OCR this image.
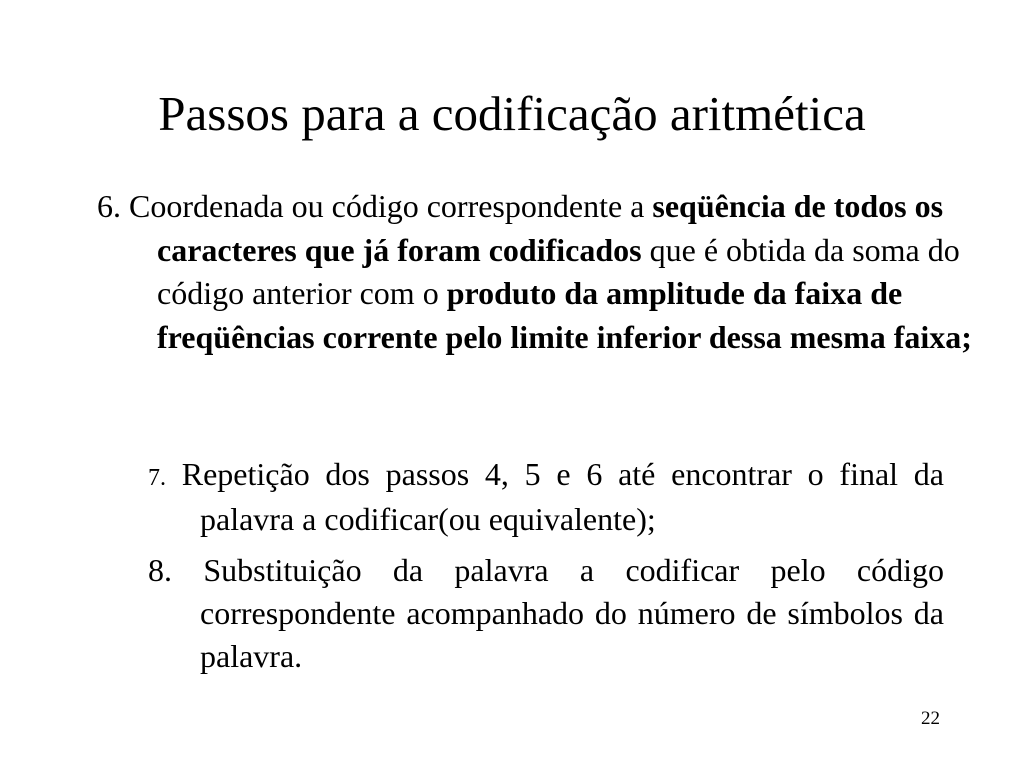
Passos para a codificação aritmética

6. Coordenada ou código correspondente a seqüência de todos os caracteres que já foram codificados que é obtida da soma do código anterior com o produto da amplitude da faixa de freqüências corrente pelo limite inferior dessa mesma faixa;

7. Repetição dos passos 4, 5 e 6 até encontrar o final da palavra a codificar(ou equivalente);

8. Substituição da palavra a codificar pelo código correspondente acompanhado do número de símbolos da palavra.

22
